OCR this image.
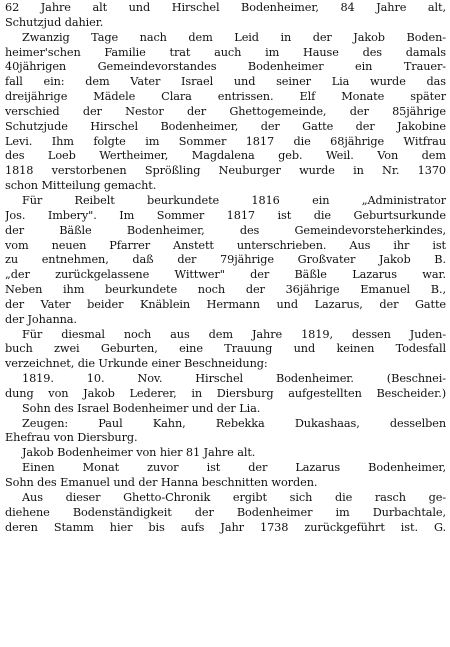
62 Jahre alt und Hirschel Bodenheimer, 84 Jahre alt,
Schutzjud dahier.
Zwanzig Tage nach dem Leid in der Jakob Boden-
heimer'schen Familie trat auch im Hause des damals
40jährigen Gemeindevorstandes Bodenheimer ein Trauer-
fall ein: dem Vater Israel und seiner Lia wurde das
dreijährige Mädele Clara entrissen. Elf Monate später
verschied der Nestor der Ghettogemeinde, der 85jährige
Schutzjude Hirschel Bodenheimer, der Gatte der Jakobine
Levi. Ihm folgte im Sommer 1817 die 68jährige Witfrau
des Loeb Wertheimer, Magdalena geb. Weil. Von dem
1818 verstorbenen Sprößling Neuburger wurde in Nr. 1370
schon Mitteilung gemacht.
Für Reibelt beurkundete 1816 ein „Administrator
Jos. Imbery". Im Sommer 1817 ist die Geburtsurkunde
der Bäßle Bodenheimer, des Gemeindevorsteherkindes,
vom neuen Pfarrer Anstett unterschrieben. Aus ihr ist
zu entnehmen, daß der 79jährige Großvater Jakob B.
„der zurückgelassene Wittwer" der Bäßle Lazarus war.
Neben ihm beurkundete noch der 36jährige Emanuel B.,
der Vater beider Knäblein Hermann und Lazarus, der Gatte
der Johanna.
Für diesmal noch aus dem Jahre 1819, dessen Juden-
buch zwei Geburten, eine Trauung und keinen Todesfall
verzeichnet, die Urkunde einer Beschneidung:
1819. 10. Nov. Hirschel Bodenheimer. (Beschnei-
dung von Jakob Lederer, in Diersburg aufgestellten Bescheider.)
Sohn des Israel Bodenheimer und der Lia.
Zeugen: Paul Kahn, Rebekka Dukashaas, desselben
Ehefrau von Diersburg.
Jakob Bodenheimer von hier 81 Jahre alt.
Einen Monat zuvor ist der Lazarus Bodenheimer,
Sohn des Emanuel und der Hanna beschnitten worden.
Aus dieser Ghetto-Chronik ergibt sich die rasch ge-
diehene Bodenständigkeit der Bodenheimer im Durbachtale,
deren Stamm hier bis aufs Jahr 1738 zurückgeführt ist. G.
